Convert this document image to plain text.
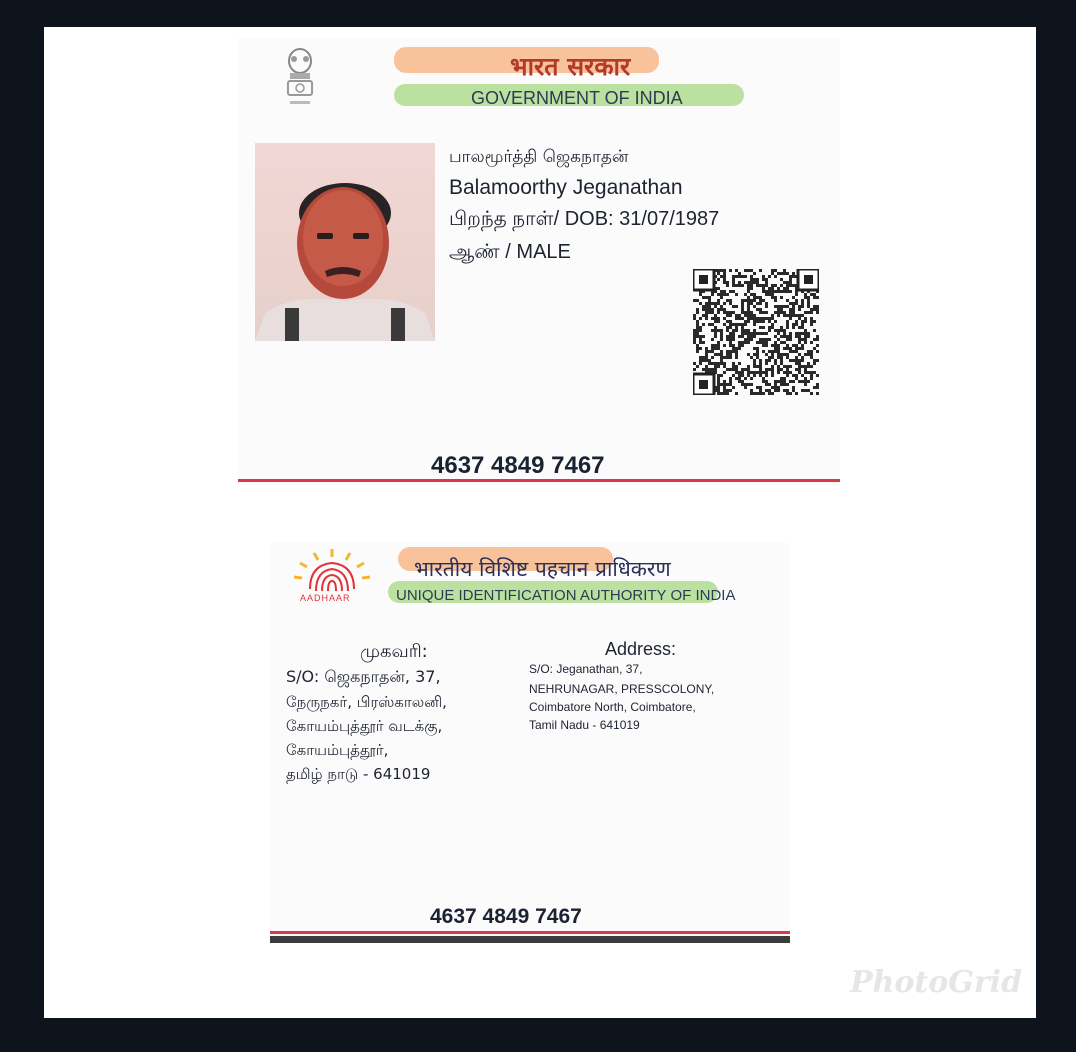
भारत सरकार
GOVERNMENT OF INDIA
பாலமூர்த்தி ஜெகநாதன்
Balamoorthy Jeganathan
பிறந்த நாள்/ DOB: 31/07/1987
ஆண் / MALE
4637 4849 7467
AADHAAR
भारतीय विशिष्ट पहचान प्राधिकरण
UNIQUE IDENTIFICATION AUTHORITY OF INDIA
முகவரி:
S/O: ஜெகநாதன், 37,
நேருநகர், பிரஸ்காலனி,
கோயம்புத்தூர் வடக்கு,
கோயம்புத்தூர்,
தமிழ் நாடு - 641019
Address:
S/O: Jeganathan, 37,
NEHRUNAGAR, PRESSCOLONY,
Coimbatore North, Coimbatore,
Tamil Nadu - 641019
4637 4849 7467
PhotoGrid
